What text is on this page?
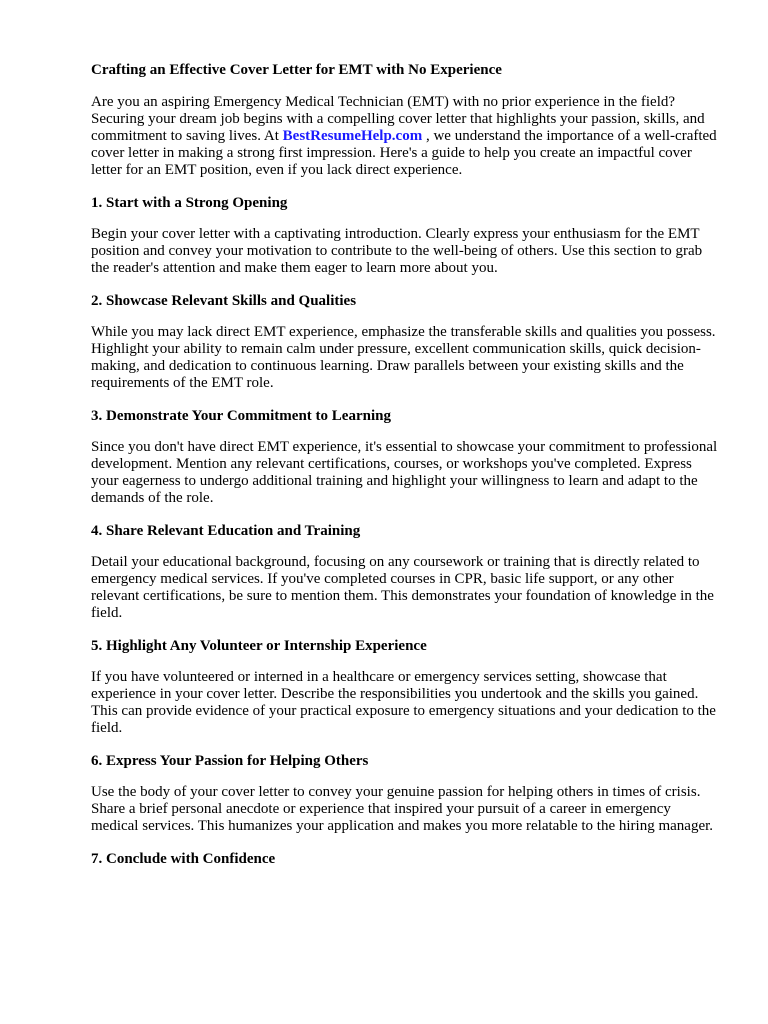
Crafting an Effective Cover Letter for EMT with No Experience

Are you an aspiring Emergency Medical Technician (EMT) with no prior experience in the field? Securing your dream job begins with a compelling cover letter that highlights your passion, skills, and commitment to saving lives. At BestResumeHelp.com , we understand the importance of a well-crafted cover letter in making a strong first impression. Here's a guide to help you create an impactful cover letter for an EMT position, even if you lack direct experience.

1. Start with a Strong Opening

Begin your cover letter with a captivating introduction. Clearly express your enthusiasm for the EMT position and convey your motivation to contribute to the well-being of others. Use this section to grab the reader's attention and make them eager to learn more about you.

2. Showcase Relevant Skills and Qualities

While you may lack direct EMT experience, emphasize the transferable skills and qualities you possess. Highlight your ability to remain calm under pressure, excellent communication skills, quick decision-making, and dedication to continuous learning. Draw parallels between your existing skills and the requirements of the EMT role.

3. Demonstrate Your Commitment to Learning

Since you don't have direct EMT experience, it's essential to showcase your commitment to professional development. Mention any relevant certifications, courses, or workshops you've completed. Express your eagerness to undergo additional training and highlight your willingness to learn and adapt to the demands of the role.

4. Share Relevant Education and Training

Detail your educational background, focusing on any coursework or training that is directly related to emergency medical services. If you've completed courses in CPR, basic life support, or any other relevant certifications, be sure to mention them. This demonstrates your foundation of knowledge in the field.

5. Highlight Any Volunteer or Internship Experience

If you have volunteered or interned in a healthcare or emergency services setting, showcase that experience in your cover letter. Describe the responsibilities you undertook and the skills you gained. This can provide evidence of your practical exposure to emergency situations and your dedication to the field.

6. Express Your Passion for Helping Others

Use the body of your cover letter to convey your genuine passion for helping others in times of crisis. Share a brief personal anecdote or experience that inspired your pursuit of a career in emergency medical services. This humanizes your application and makes you more relatable to the hiring manager.

7. Conclude with Confidence
